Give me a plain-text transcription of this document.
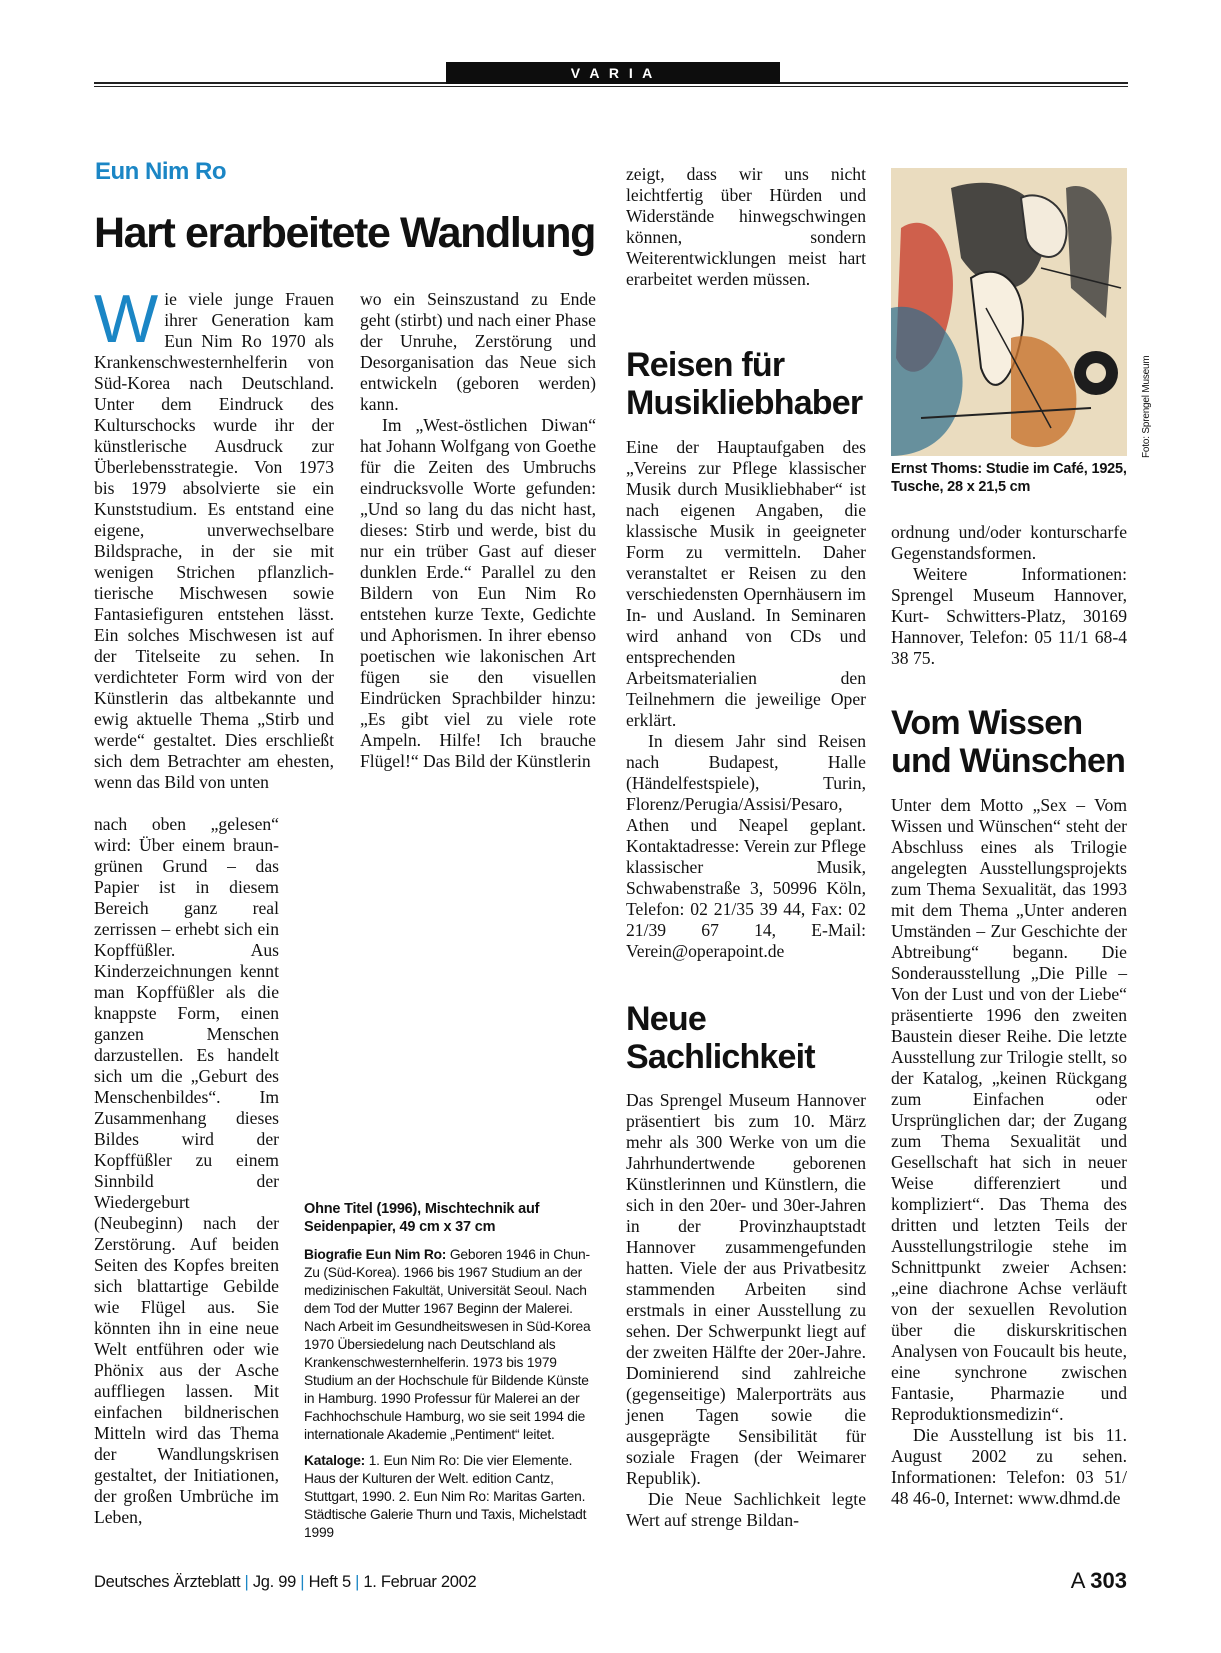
V A R I A
Eun Nim Ro
Hart erarbeitete Wandlung

Wie viele junge Frauen ihrer Generation kam Eun Nim Ro 1970 als Krankenschwesternhelferin von Süd-Korea nach Deutschland. Unter dem Eindruck des Kulturschocks wurde ihr der künstlerische Ausdruck zur Überlebensstrategie. Von 1973 bis 1979 absolvierte sie ein Kunststudium. Es entstand eine eigene, unverwechselbare Bildsprache, in der sie mit wenigen Strichen pflanzlich-tierische Mischwesen sowie Fantasiefiguren entstehen lässt. Ein solches Mischwesen ist auf der Titelseite zu sehen. In verdichteter Form wird von der Künstlerin das altbekannte und ewig aktuelle Thema „Stirb und werde“ gestaltet. Dies erschließt sich dem Betrachter am ehesten, wenn das Bild von unten

nach oben „gelesen“ wird: Über einem braun-grünen Grund – das Papier ist in diesem Bereich ganz real zerrissen – erhebt sich ein Kopffüßler. Aus Kinderzeichnungen kennt man Kopffüßler als die knappste Form, einen ganzen Menschen darzustellen. Es handelt sich um die „Geburt des Menschenbildes“. Im Zusammenhang dieses Bildes wird der Kopffüßler zu einem Sinnbild der Wiedergeburt (Neubeginn) nach der Zerstörung. Auf beiden Seiten des Kopfes breiten sich blattartige Gebilde wie Flügel aus. Sie könnten ihn in eine neue Welt entführen oder wie Phönix aus der Asche auffliegen lassen. Mit einfachen bildnerischen Mitteln wird das Thema der Wandlungskrisen gestaltet, der Initiationen, der großen Umbrüche im Leben,

wo ein Seinszustand zu Ende geht (stirbt) und nach einer Phase der Unruhe, Zerstörung und Desorganisation das Neue sich entwickeln (geboren werden) kann.

Im „West-östlichen Diwan“ hat Johann Wolfgang von Goethe für die Zeiten des Umbruchs eindrucksvolle Worte gefunden: „Und so lang du das nicht hast, dieses: Stirb und werde, bist du nur ein trüber Gast auf dieser dunklen Erde.“ Parallel zu den Bildern von Eun Nim Ro entstehen kurze Texte, Gedichte und Aphorismen. In ihrer ebenso poetischen wie lakonischen Art fügen sie den visuellen Eindrücken Sprachbilder hinzu: „Es gibt viel zu viele rote Ampeln. Hilfe! Ich brauche Flügel!“ Das Bild der Künstlerin

Ohne Titel (1996), Mischtechnik auf Seidenpapier, 49 cm x 37 cm
Biografie Eun Nim Ro: Geboren 1946 in Chun-Zu (Süd-Korea). 1966 bis 1967 Studium an der medizinischen Fakultät, Universität Seoul. Nach dem Tod der Mutter 1967 Beginn der Malerei. Nach Arbeit im Gesundheitswesen in Süd-Korea 1970 Übersiedelung nach Deutschland als Krankenschwesternhelferin. 1973 bis 1979 Studium an der Hochschule für Bildende Künste in Hamburg. 1990 Professur für Malerei an der Fachhochschule Hamburg, wo sie seit 1994 die internationale Akademie „Pentiment“ leitet.
Kataloge: 1. Eun Nim Ro: Die vier Elemente. Haus der Kulturen der Welt. edition Cantz, Stuttgart, 1990. 2. Eun Nim Ro: Maritas Garten. Städtische Galerie Thurn und Taxis, Michelstadt 1999

zeigt, dass wir uns nicht leichtfertig über Hürden und Widerstände hinwegschwingen können, sondern Weiterentwicklungen meist hart erarbeitet werden müssen.

Reisen für
Musikliebhaber

Eine der Hauptaufgaben des „Vereins zur Pflege klassischer Musik durch Musikliebhaber“ ist nach eigenen Angaben, die klassische Musik in geeigneter Form zu vermitteln. Daher veranstaltet er Reisen zu den verschiedensten Opernhäusern im In- und Ausland. In Seminaren wird anhand von CDs und entsprechenden Arbeitsmaterialien den Teilnehmern die jeweilige Oper erklärt.

In diesem Jahr sind Reisen nach Budapest, Halle (Händelfestspiele), Turin, Florenz/Perugia/Assisi/Pesaro, Athen und Neapel geplant. Kontaktadresse: Verein zur Pflege klassischer Musik, Schwabenstraße 3, 50996 Köln, Telefon: 02 21/35 39 44, Fax: 02 21/39 67 14, E-Mail: Verein@operapoint.de

Neue
Sachlichkeit

Das Sprengel Museum Hannover präsentiert bis zum 10. März mehr als 300 Werke von um die Jahrhundertwende geborenen Künstlerinnen und Künstlern, die sich in den 20er- und 30er-Jahren in der Provinzhauptstadt Hannover zusammengefunden hatten. Viele der aus Privatbesitz stammenden Arbeiten sind erstmals in einer Ausstellung zu sehen. Der Schwerpunkt liegt auf der zweiten Hälfte der 20er-Jahre. Dominierend sind zahlreiche (gegenseitige) Malerporträts aus jenen Tagen sowie die ausgeprägte Sensibilität für soziale Fragen (der Weimarer Republik).

Die Neue Sachlichkeit legte Wert auf strenge Bildan-

Foto: Sprengel Museum
Ernst Thoms: Studie im Café, 1925, Tusche, 28 x 21,5 cm

ordnung und/oder konturscharfe Gegenstandsformen.

Weitere Informationen: Sprengel Museum Hannover, Kurt- Schwitters-Platz, 30169 Hannover, Telefon: 05 11/1 68-4 38 75.

Vom Wissen
und Wünschen

Unter dem Motto „Sex – Vom Wissen und Wünschen“ steht der Abschluss eines als Trilogie angelegten Ausstellungsprojekts zum Thema Sexualität, das 1993 mit dem Thema „Unter anderen Umständen – Zur Geschichte der Abtreibung“ begann. Die Sonderausstellung „Die Pille – Von der Lust und von der Liebe“ präsentierte 1996 den zweiten Baustein dieser Reihe. Die letzte Ausstellung zur Trilogie stellt, so der Katalog, „keinen Rückgang zum Einfachen oder Ursprünglichen dar; der Zugang zum Thema Sexualität und Gesellschaft hat sich in neuer Weise differenziert und kompliziert“. Das Thema des dritten und letzten Teils der Ausstellungstrilogie stehe im Schnittpunkt zweier Achsen: „eine diachrone Achse verläuft von der sexuellen Revolution über die diskurskritischen Analysen von Foucault bis heute, eine synchrone zwischen Fantasie, Pharmazie und Reproduktionsmedizin“.

Die Ausstellung ist bis 11. August 2002 zu sehen. Informationen: Telefon: 03 51/ 48 46-0, Internet: www.dhmd.de

Deutsches Ärzteblatt | Jg. 99 | Heft 5 | 1. Februar 2002	A 303
